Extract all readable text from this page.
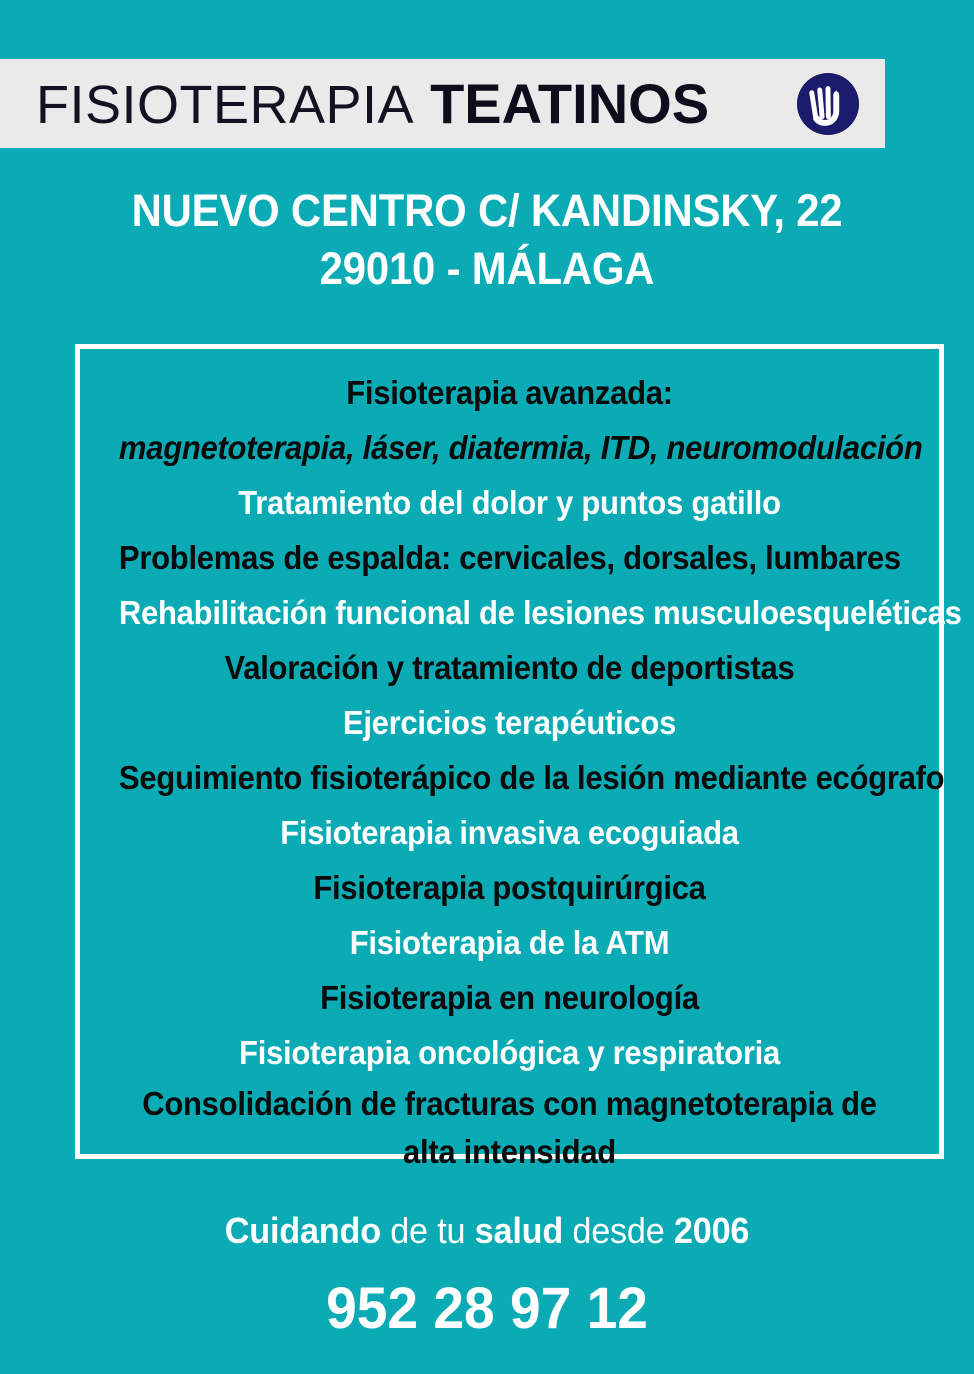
FISIOTERAPIA TEATINOS
NUEVO CENTRO C/ KANDINSKY, 22
29010 - MÁLAGA
Fisioterapia avanzada:
magnetoterapia, láser, diatermia, ITD, neuromodulación
Tratamiento del dolor y puntos gatillo
Problemas de espalda: cervicales, dorsales, lumbares
Rehabilitación funcional de lesiones musculoesqueléticas
Valoración y tratamiento de deportistas
Ejercicios terapéuticos
Seguimiento fisioterápico de la lesión mediante ecógrafo
Fisioterapia invasiva ecoguiada
Fisioterapia postquirúrgica
Fisioterapia de la ATM
Fisioterapia en neurología
Fisioterapia oncológica y respiratoria
Consolidación de fracturas con magnetoterapia de alta intensidad
Cuidando de tu salud desde 2006
952 28 97 12
